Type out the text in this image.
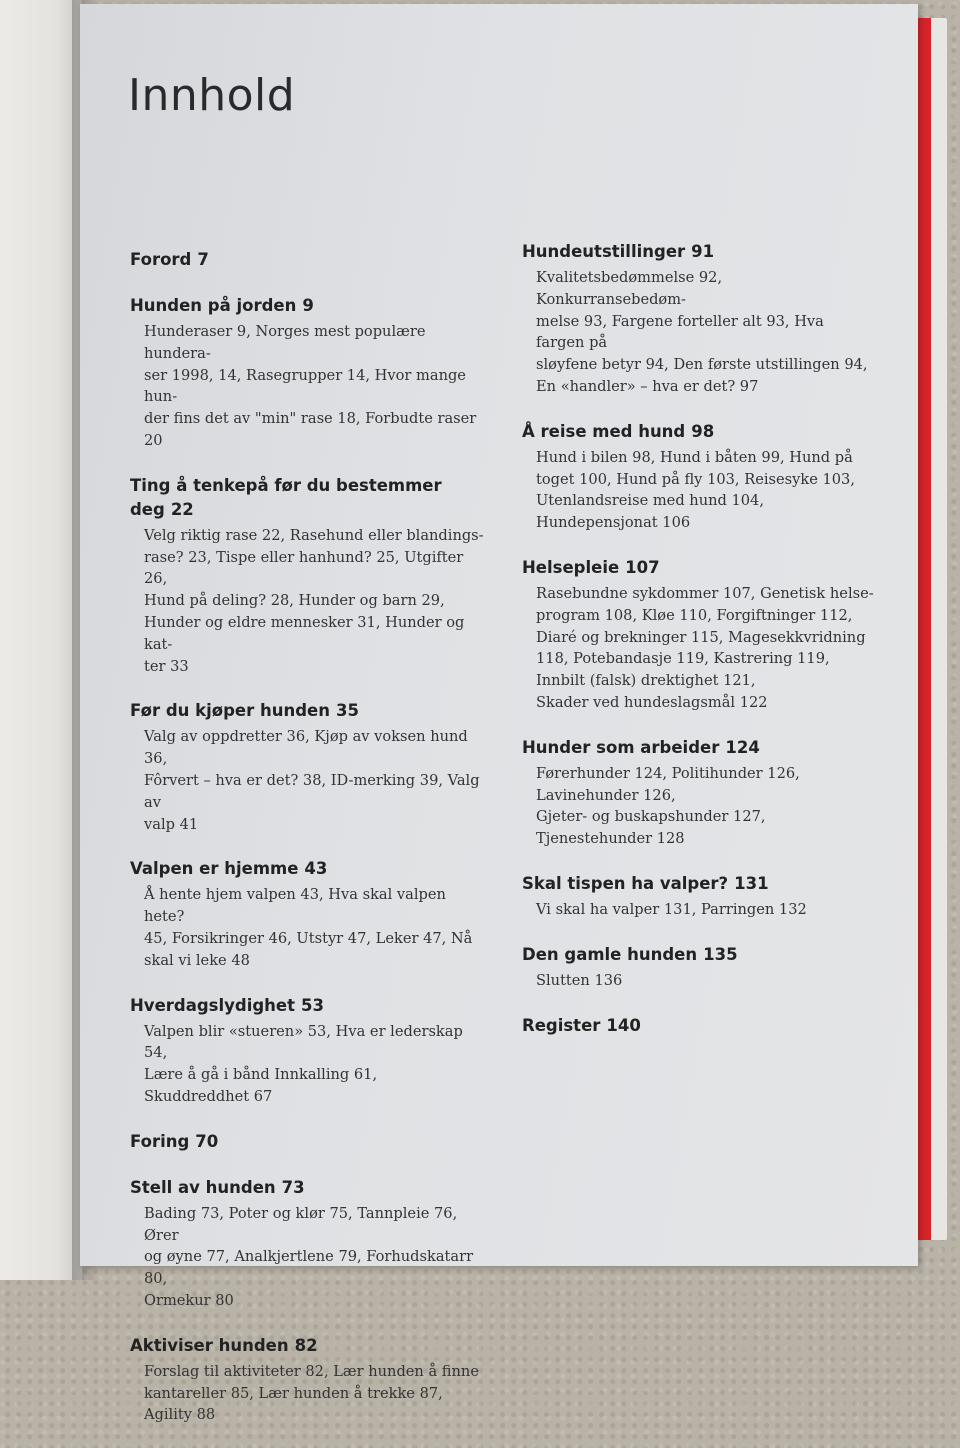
Innhold
Forord 7
Hunden på jorden 9
Hunderaser 9, Norges mest populære hunderа-
ser 1998, 14, Rasegrupper 14, Hvor mange hun-
der fins det av "min" rase 18, Forbudte raser 20
Ting å tenkepå før du bestemmer deg 22
Velg riktig rase 22, Rasehund eller blandings-
rase? 23, Tispe eller hanhund? 25, Utgifter 26,
Hund på deling? 28, Hunder og barn 29,
Hunder og eldre mennesker 31, Hunder og kat-
ter 33
Før du kjøper hunden 35
Valg av oppdretter 36, Kjøp av voksen hund 36,
Fôrvert – hva er det? 38, ID-merking 39, Valg av
valp 41
Valpen er hjemme 43
Å hente hjem valpen 43, Hva skal valpen hete?
45, Forsikringer 46, Utstyr 47, Leker 47, Nå
skal vi leke 48
Hverdagslydighet 53
Valpen blir «stueren» 53, Hva er lederskap 54,
Lære å gå i bånd Innkalling 61, Skuddreddhet 67
Foring 70
Stell av hunden 73
Bading 73, Poter og klør 75, Tannpleie 76, Ører
og øyne 77, Analkjertlene 79, Forhudskatarr 80,
Ormekur 80
Aktiviser hunden 82
Forslag til aktiviteter 82, Lær hunden å finne
kantareller 85, Lær hunden å trekke 87,
Agility 88
Hundeutstillinger 91
Kvalitetsbedømmelse 92, Konkurransebedøm-
melse 93, Fargene forteller alt 93, Hva fargen på
sløyfene betyr 94, Den første utstillingen 94,
En «handler» – hva er det? 97
Å reise med hund 98
Hund i bilen 98, Hund i båten 99, Hund på
toget 100, Hund på fly 103, Reisesyke 103,
Utenlandsreise med hund 104,
Hundepensjonat 106
Helsepleie 107
Rasebundne sykdommer 107, Genetisk helse-
program 108, Kløe 110, Forgiftninger 112,
Diaré og brekninger 115, Magesekkvridning
118, Potebandasje 119, Kastrering 119,
Innbilt (falsk) drektighet 121,
Skader ved hundeslagsmål 122
Hunder som arbeider 124
Førerhunder 124, Politihunder 126,
Lavinehunder 126,
Gjeter- og buskapshunder 127,
Tjenestehunder 128
Skal tispen ha valper? 131
Vi skal ha valper 131, Parringen 132
Den gamle hunden 135
Slutten 136
Register 140
